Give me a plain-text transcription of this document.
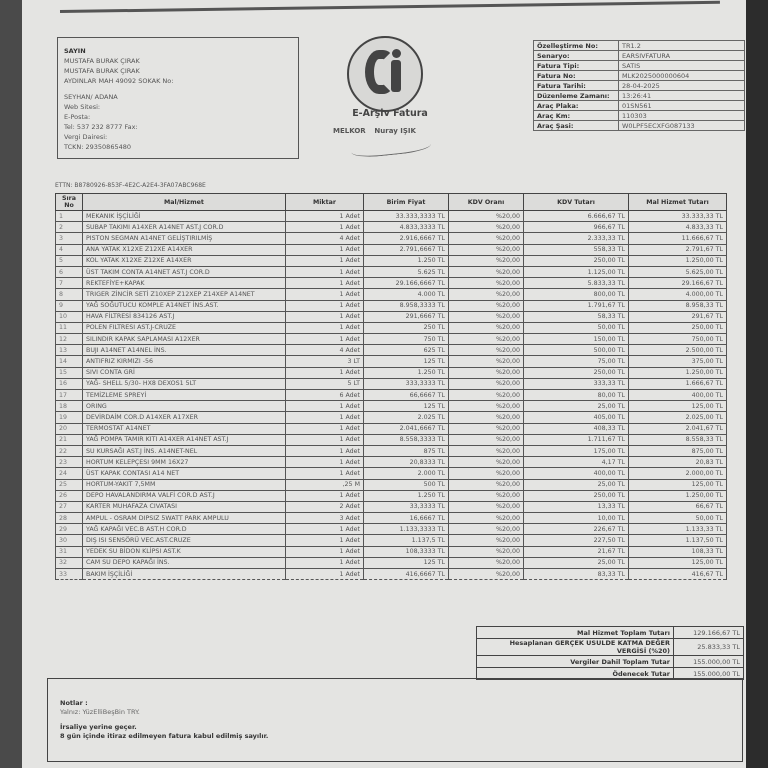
SAYIN
MUSTAFA BURAK ÇIRAK
MUSTAFA BURAK ÇIRAK
AYDINLAR MAH 49092 SOKAK No:
SEYHAN/ ADANA
Web Sitesi:
E-Posta:
Tel: 537 232 8777 Fax:
Vergi Dairesi:
TCKN: 29350865480
E-Arşiv Fatura
MELKOR Nuray IŞIK
Özelleştirme No:	TR1.2
Senaryo:	EARSIVFATURA
Fatura Tipi:	SATIS
Fatura No:	MLK2025000000604
Fatura Tarihi:	28-04-2025
Düzenleme Zamanı:	13:26:41
Araç Plaka:	01SN561
Araç Km:	110303
Araç Şasi:	W0LPF5ECXFG087133
ETTN: B8780926-853F-4E2C-A2E4-3FA07ABC968E
Sıra No	Mal/Hizmet	Miktar	Birim Fiyat	KDV Oranı	KDV Tutarı	Mal Hizmet Tutarı
1	MEKANIK İŞÇİLİĞİ	1 Adet	33.333,3333 TL	%20,00	6.666,67 TL	33.333,33 TL
2	SUBAP TAKIMI A14XER A14NET AST.J COR.D	1 Adet	4.833,3333 TL	%20,00	966,67 TL	4.833,33 TL
3	PISTON SEGMAN A14NET GELİŞTIRILMİŞ	4 Adet	2.916,6667 TL	%20,00	2.333,33 TL	11.666,67 TL
4	ANA YATAK X12XE Z12XE A14XER	1 Adet	2.791,6667 TL	%20,00	558,33 TL	2.791,67 TL
5	KOL YATAK X12XE Z12XE A14XER	1 Adet	1.250 TL	%20,00	250,00 TL	1.250,00 TL
6	ÜST TAKIM CONTA A14NET AST.J COR.D	1 Adet	5.625 TL	%20,00	1.125,00 TL	5.625,00 TL
7	REKTEFİYE+KAPAK	1 Adet	29.166,6667 TL	%20,00	5.833,33 TL	29.166,67 TL
8	TRIGER ZİNCİR SETİ Z10XEP Z12XEP Z14XEP A14NET	1 Adet	4.000 TL	%20,00	800,00 TL	4.000,00 TL
9	YAĞ SOĞUTUCU KOMPLE A14NET İNS.AST.	1 Adet	8.958,3333 TL	%20,00	1.791,67 TL	8.958,33 TL
10	HAVA FİLTRESİ 834126 AST.J	1 Adet	291,6667 TL	%20,00	58,33 TL	291,67 TL
11	POLEN FILTRESI AST.J-CRUZE	1 Adet	250 TL	%20,00	50,00 TL	250,00 TL
12	SILINDIR KAPAK SAPLAMASI A12XER	1 Adet	750 TL	%20,00	150,00 TL	750,00 TL
13	BUJI A14NET A14NEL İNS.	4 Adet	625 TL	%20,00	500,00 TL	2.500,00 TL
14	ANTIFRIZ KIRMIZI -56	3 LT	125 TL	%20,00	75,00 TL	375,00 TL
15	SIVI CONTA GRİ	1 Adet	1.250 TL	%20,00	250,00 TL	1.250,00 TL
16	YAĞ- SHELL 5/30- HX8 DEXOS1 5LT	5 LT	333,3333 TL	%20,00	333,33 TL	1.666,67 TL
17	TEMİZLEME SPREYİ	6 Adet	66,6667 TL	%20,00	80,00 TL	400,00 TL
18	ORING	1 Adet	125 TL	%20,00	25,00 TL	125,00 TL
19	DEVİRDAİM COR.D A14XER A17XER	1 Adet	2.025 TL	%20,00	405,00 TL	2.025,00 TL
20	TERMOSTAT A14NET	1 Adet	2.041,6667 TL	%20,00	408,33 TL	2.041,67 TL
21	YAĞ POMPA TAMIR KITI A14XER A14NET AST.J	1 Adet	8.558,3333 TL	%20,00	1.711,67 TL	8.558,33 TL
22	SU KURSAĞI AST.J İNS. A14NET-NEL	1 Adet	875 TL	%20,00	175,00 TL	875,00 TL
23	HORTUM KELEPÇESI 9MM 16X27	1 Adet	20,8333 TL	%20,00	4,17 TL	20,83 TL
24	ÜST KAPAK CONTASI A14 NET	1 Adet	2.000 TL	%20,00	400,00 TL	2.000,00 TL
25	HORTUM-YAKIT 7,5MM	,25 M	500 TL	%20,00	25,00 TL	125,00 TL
26	DEPO HAVALANDIRMA VALFİ COR.D AST.J	1 Adet	1.250 TL	%20,00	250,00 TL	1.250,00 TL
27	KARTER MUHAFAZA CIVATASI	2 Adet	33,3333 TL	%20,00	13,33 TL	66,67 TL
28	AMPUL - OSRAM DIPSIZ 5WATT PARK AMPULU	3 Adet	16,6667 TL	%20,00	10,00 TL	50,00 TL
29	YAĞ KAPAĞI VEC.B AST.H COR.D	1 Adet	1.133,3333 TL	%20,00	226,67 TL	1.133,33 TL
30	DIŞ ISI SENSÖRÜ VEC.AST.CRUZE	1 Adet	1.137,5 TL	%20,00	227,50 TL	1.137,50 TL
31	YEDEK SU BİDON KLİPSI AST.K	1 Adet	108,3333 TL	%20,00	21,67 TL	108,33 TL
32	CAM SU DEPO KAPAĞI İNS.	1 Adet	125 TL	%20,00	25,00 TL	125,00 TL
33	BAKIM İŞÇİLİĞİ	1 Adet	416,6667 TL	%20,00	83,33 TL	416,67 TL
Mal Hizmet Toplam Tutarı	129.166,67 TL
Hesaplanan GERÇEK USULDE KATMA DEĞER VERGİSİ (%20)	25.833,33 TL
Vergiler Dahil Toplam Tutar	155.000,00 TL
Ödenecek Tutar	155.000,00 TL
Notlar :
Yalnız: YüzElliBeşBin TRY.
İrsaliye yerine geçer.
8 gün içinde itiraz edilmeyen fatura kabul edilmiş sayılır.
